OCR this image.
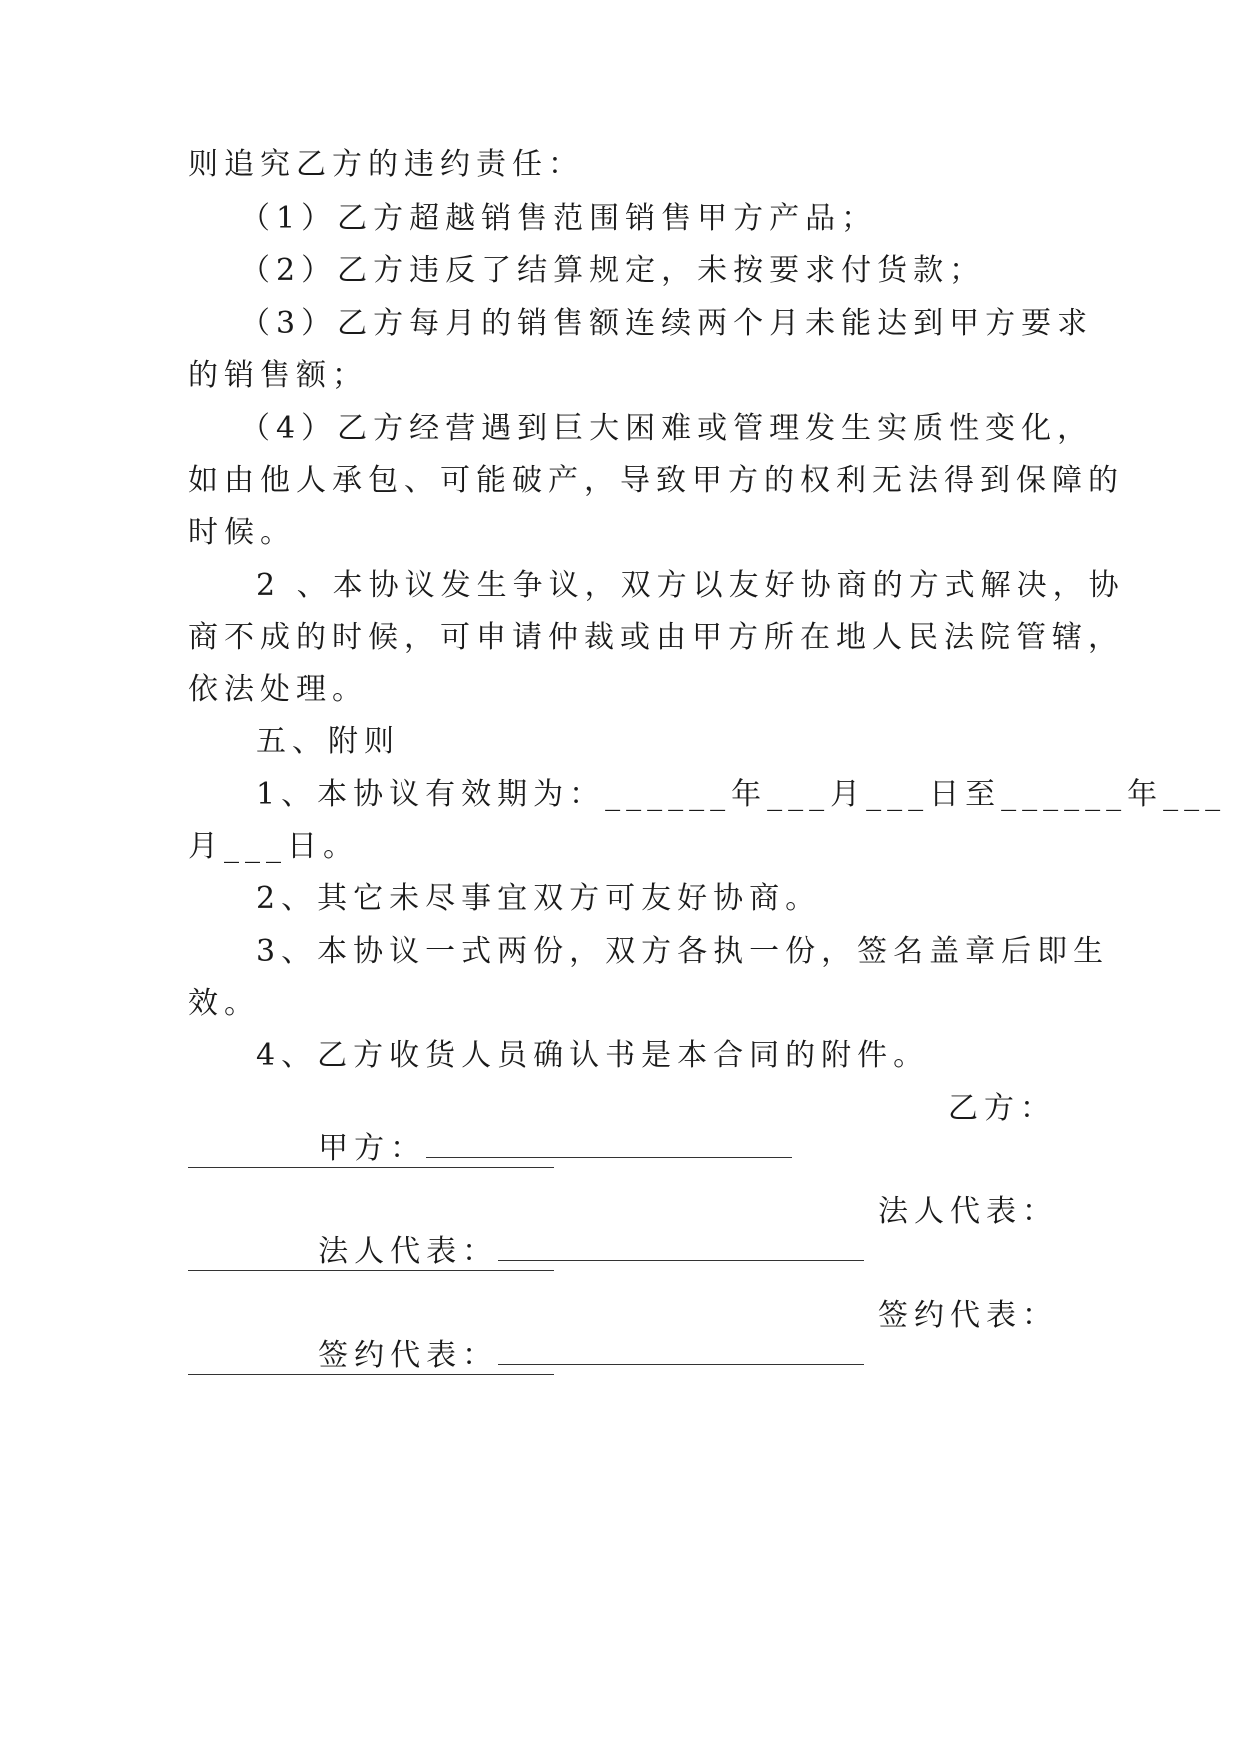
则追究乙方的违约责任：
（1）乙方超越销售范围销售甲方产品；
（2）乙方违反了结算规定，未按要求付货款；
（3）乙方每月的销售额连续两个月未能达到甲方要求
的销售额；
（4）乙方经营遇到巨大困难或管理发生实质性变化，
如由他人承包、可能破产，导致甲方的权利无法得到保障的
时候。
2 、本协议发生争议，双方以友好协商的方式解决，协
商不成的时候，可申请仲裁或由甲方所在地人民法院管辖，
依法处理。
五、附则
1、本协议有效期为：______年___月___日至______年___
月___日。
2、其它未尽事宜双方可友好协商。
3、本协议一式两份，双方各执一份，签名盖章后即生
效。
4、乙方收货人员确认书是本合同的附件。

甲方：

乙方：

法人代表：

法人代表：

签约代表：

签约代表：
